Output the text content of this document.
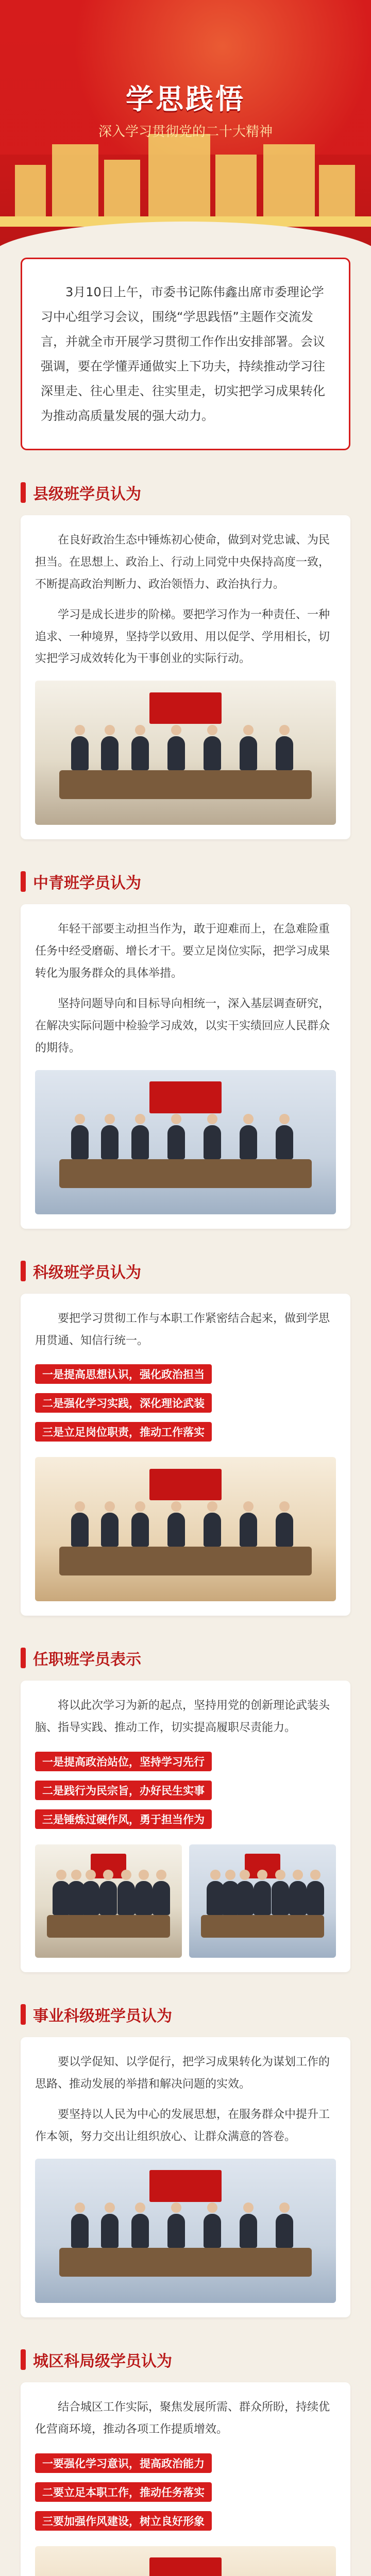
学思践悟
深入学习贯彻党的二十大精神

3月10日上午，市委书记陈伟鑫出席市委理论学习中心组学习会议，围绕“学思践悟”主题作交流发言，并就全市开展学习贯彻工作作出安排部署。会议强调，要在学懂弄通做实上下功夫，持续推动学习往深里走、往心里走、往实里走，切实把学习成果转化为推动高质量发展的强大动力。

县级班学员认为

在良好政治生态中锤炼初心使命，做到对党忠诚、为民担当。在思想上、政治上、行动上同党中央保持高度一致，不断提高政治判断力、政治领悟力、政治执行力。

学习是成长进步的阶梯。要把学习作为一种责任、一种追求、一种境界，坚持学以致用、用以促学、学用相长，切实把学习成效转化为干事创业的实际行动。

中青班学员认为

年轻干部要主动担当作为，敢于迎难而上，在急难险重任务中经受磨砺、增长才干。要立足岗位实际，把学习成果转化为服务群众的具体举措。

坚持问题导向和目标导向相统一，深入基层调查研究，在解决实际问题中检验学习成效，以实干实绩回应人民群众的期待。

科级班学员认为

要把学习贯彻工作与本职工作紧密结合起来，做到学思用贯通、知信行统一。

一是提高思想认识，强化政治担当
二是强化学习实践，深化理论武装
三是立足岗位职责，推动工作落实
任职班学员表示

将以此次学习为新的起点，坚持用党的创新理论武装头脑、指导实践、推动工作，切实提高履职尽责能力。

一是提高政治站位，坚持学习先行
二是践行为民宗旨，办好民生实事
三是锤炼过硬作风，勇于担当作为
事业科级班学员认为

要以学促知、以学促行，把学习成果转化为谋划工作的思路、推动发展的举措和解决问题的实效。

要坚持以人民为中心的发展思想，在服务群众中提升工作本领，努力交出让组织放心、让群众满意的答卷。

城区科局级学员认为

结合城区工作实际，聚焦发展所需、群众所盼，持续优化营商环境，推动各项工作提质增效。

一要强化学习意识，提高政治能力
二要立足本职工作，推动任务落实
三要加强作风建设，树立良好形象
